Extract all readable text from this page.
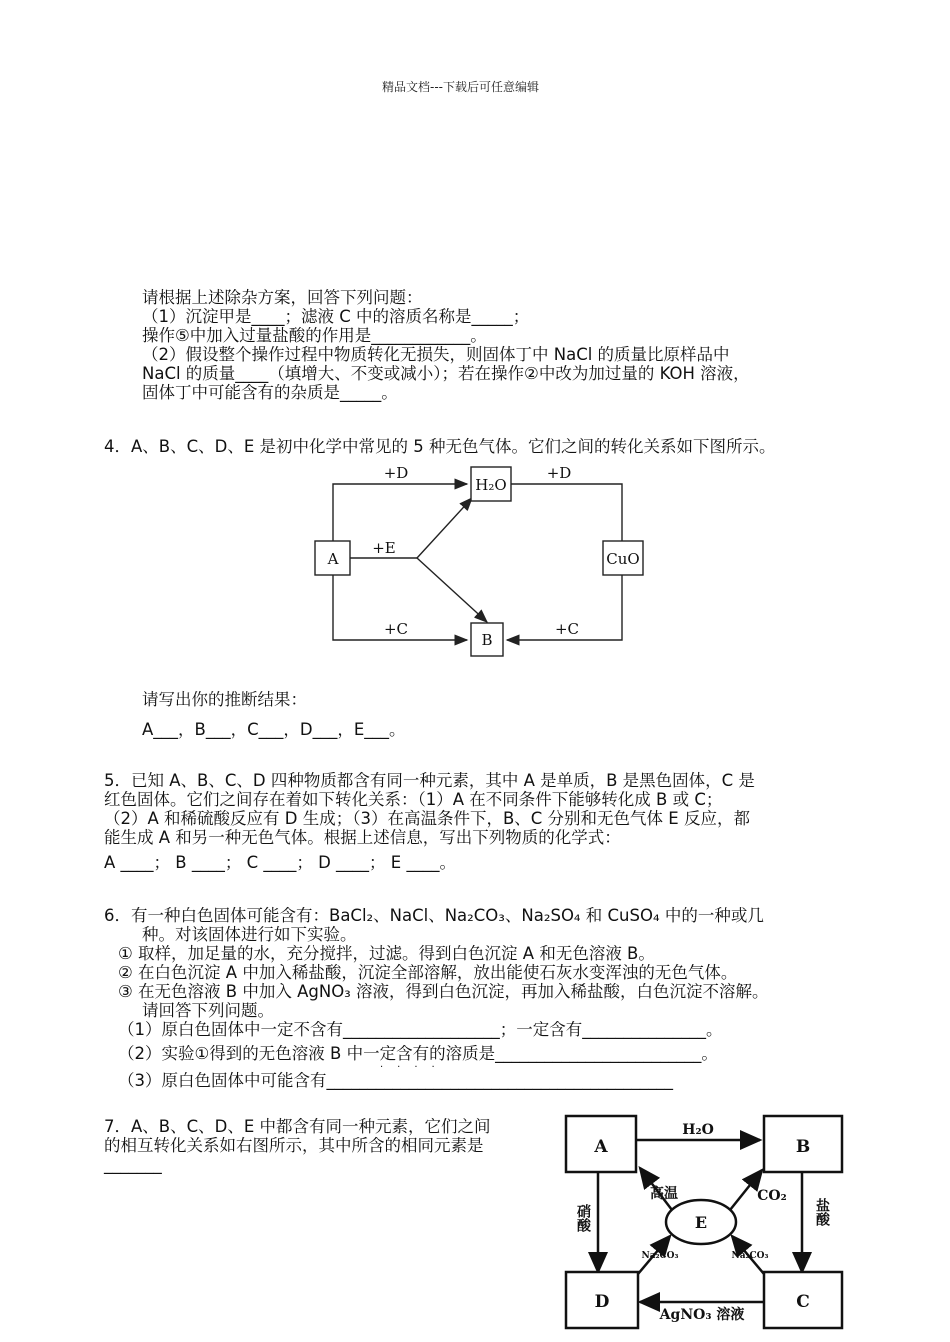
精品文档---下载后可任意编辑
请根据上述除杂方案，回答下列问题：
（1）沉淀甲是____；滤液 C 中的溶质名称是_____；
操作⑤中加入过量盐酸的作用是____________。
（2）假设整个操作过程中物质转化无损失，则固体丁中 NaCl 的质量比原样品中
NaCl 的质量____（填增大、不变或减小）；若在操作②中改为加过量的 KOH 溶液，
固体丁中可能含有的杂质是_____。
4．A、B、C、D、E 是初中化学中常见的 5 种无色气体。它们之间的转化关系如下图所示。
A
H₂O
CuO
B
+D	+D
+E
+C	+C
请写出你的推断结果：
A___，B___，C___，D___，E___。
5．已知 A、B、C、D 四种物质都含有同一种元素，其中 A 是单质，B 是黑色固体，C 是
红色固体。它们之间存在着如下转化关系：（1）A 在不同条件下能够转化成 B 或 C；
（2）A 和稀硫酸反应有 D 生成；（3）在高温条件下，B、C 分别和无色气体 E 反应，都
能生成 A 和另一种无色气体。根据上述信息，写出下列物质的化学式：
A ____； B ____； C ____； D ____； E ____。
6．有一种白色固体可能含有：BaCl₂、NaCl、Na₂CO₃、Na₂SO₄ 和 CuSO₄ 中的一种或几
种。对该固体进行如下实验。
① 取样，加足量的水，充分搅拌，过滤。得到白色沉淀 A 和无色溶液 B。
② 在白色沉淀 A 中加入稀盐酸，沉淀全部溶解，放出能使石灰水变浑浊的无色气体。
③ 在无色溶液 B 中加入 AgNO₃ 溶液，得到白色沉淀，再加入稀盐酸，白色沉淀不溶解。
请回答下列问题。
（1）原白色固体中一定不含有___________________；一定含有_______________。
（2）实验①得到的无色溶液 B 中一定含有的溶质是_________________________。
····
（3）原白色固体中可能含有__________________________________________
7．A、B、C、D、E 中都含有同一种元素，它们之间
的相互转化关系如右图所示，其中所含的相同元素是
_______
A	B
D	C
E
H₂O
高温	CO₂
Na₂CO₃	Na₂CO₃
AgNO₃ 溶液
硝酸	盐酸
